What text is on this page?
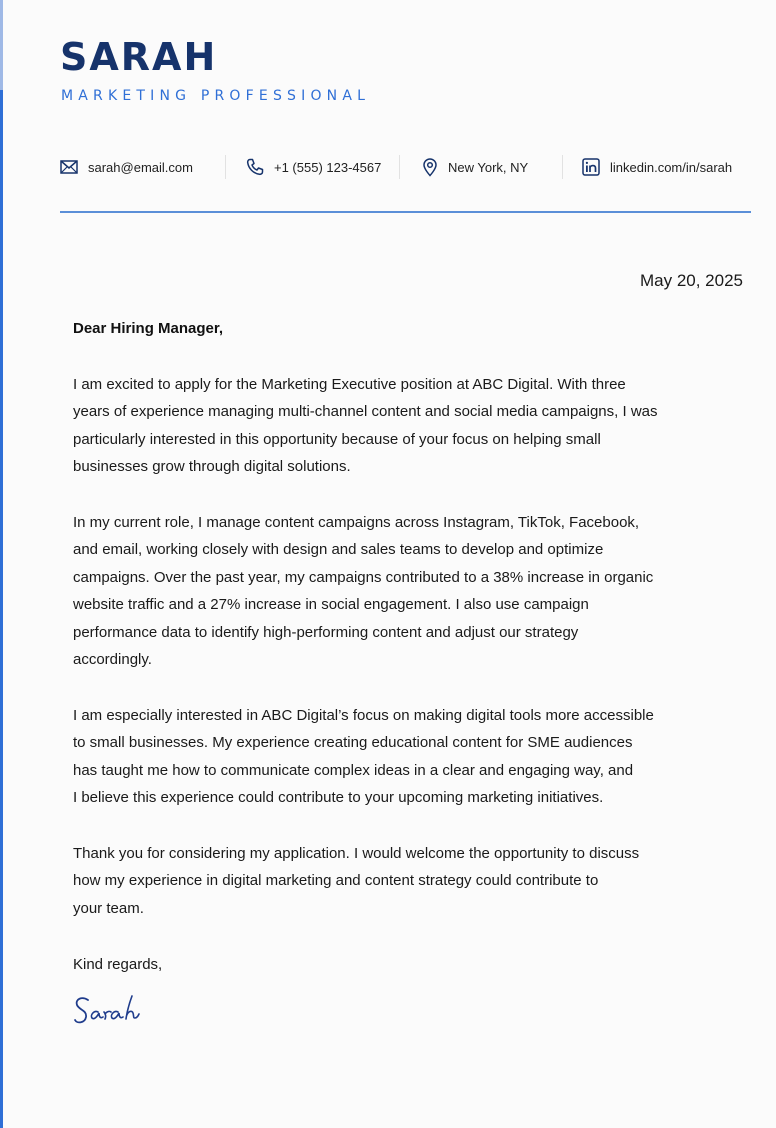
SARAH
MARKETING PROFESSIONAL
sarah@email.com	+1 (555) 123-4567	New York, NY	linkedin.com/in/sarah
May 20, 2025
Dear Hiring Manager,
I am excited to apply for the Marketing Executive position at ABC Digital. With three
years of experience managing multi-channel content and social media campaigns, I was
particularly interested in this opportunity because of your focus on helping small
businesses grow through digital solutions.
In my current role, I manage content campaigns across Instagram, TikTok, Facebook,
and email, working closely with design and sales teams to develop and optimize
campaigns. Over the past year, my campaigns contributed to a 38% increase in organic
website traffic and a 27% increase in social engagement. I also use campaign
performance data to identify high-performing content and adjust our strategy
accordingly.
I am especially interested in ABC Digital’s focus on making digital tools more accessible
to small businesses. My experience creating educational content for SME audiences
has taught me how to communicate complex ideas in a clear and engaging way, and
I believe this experience could contribute to your upcoming marketing initiatives.
Thank you for considering my application. I would welcome the opportunity to discuss
how my experience in digital marketing and content strategy could contribute to
your team.
Kind regards,
